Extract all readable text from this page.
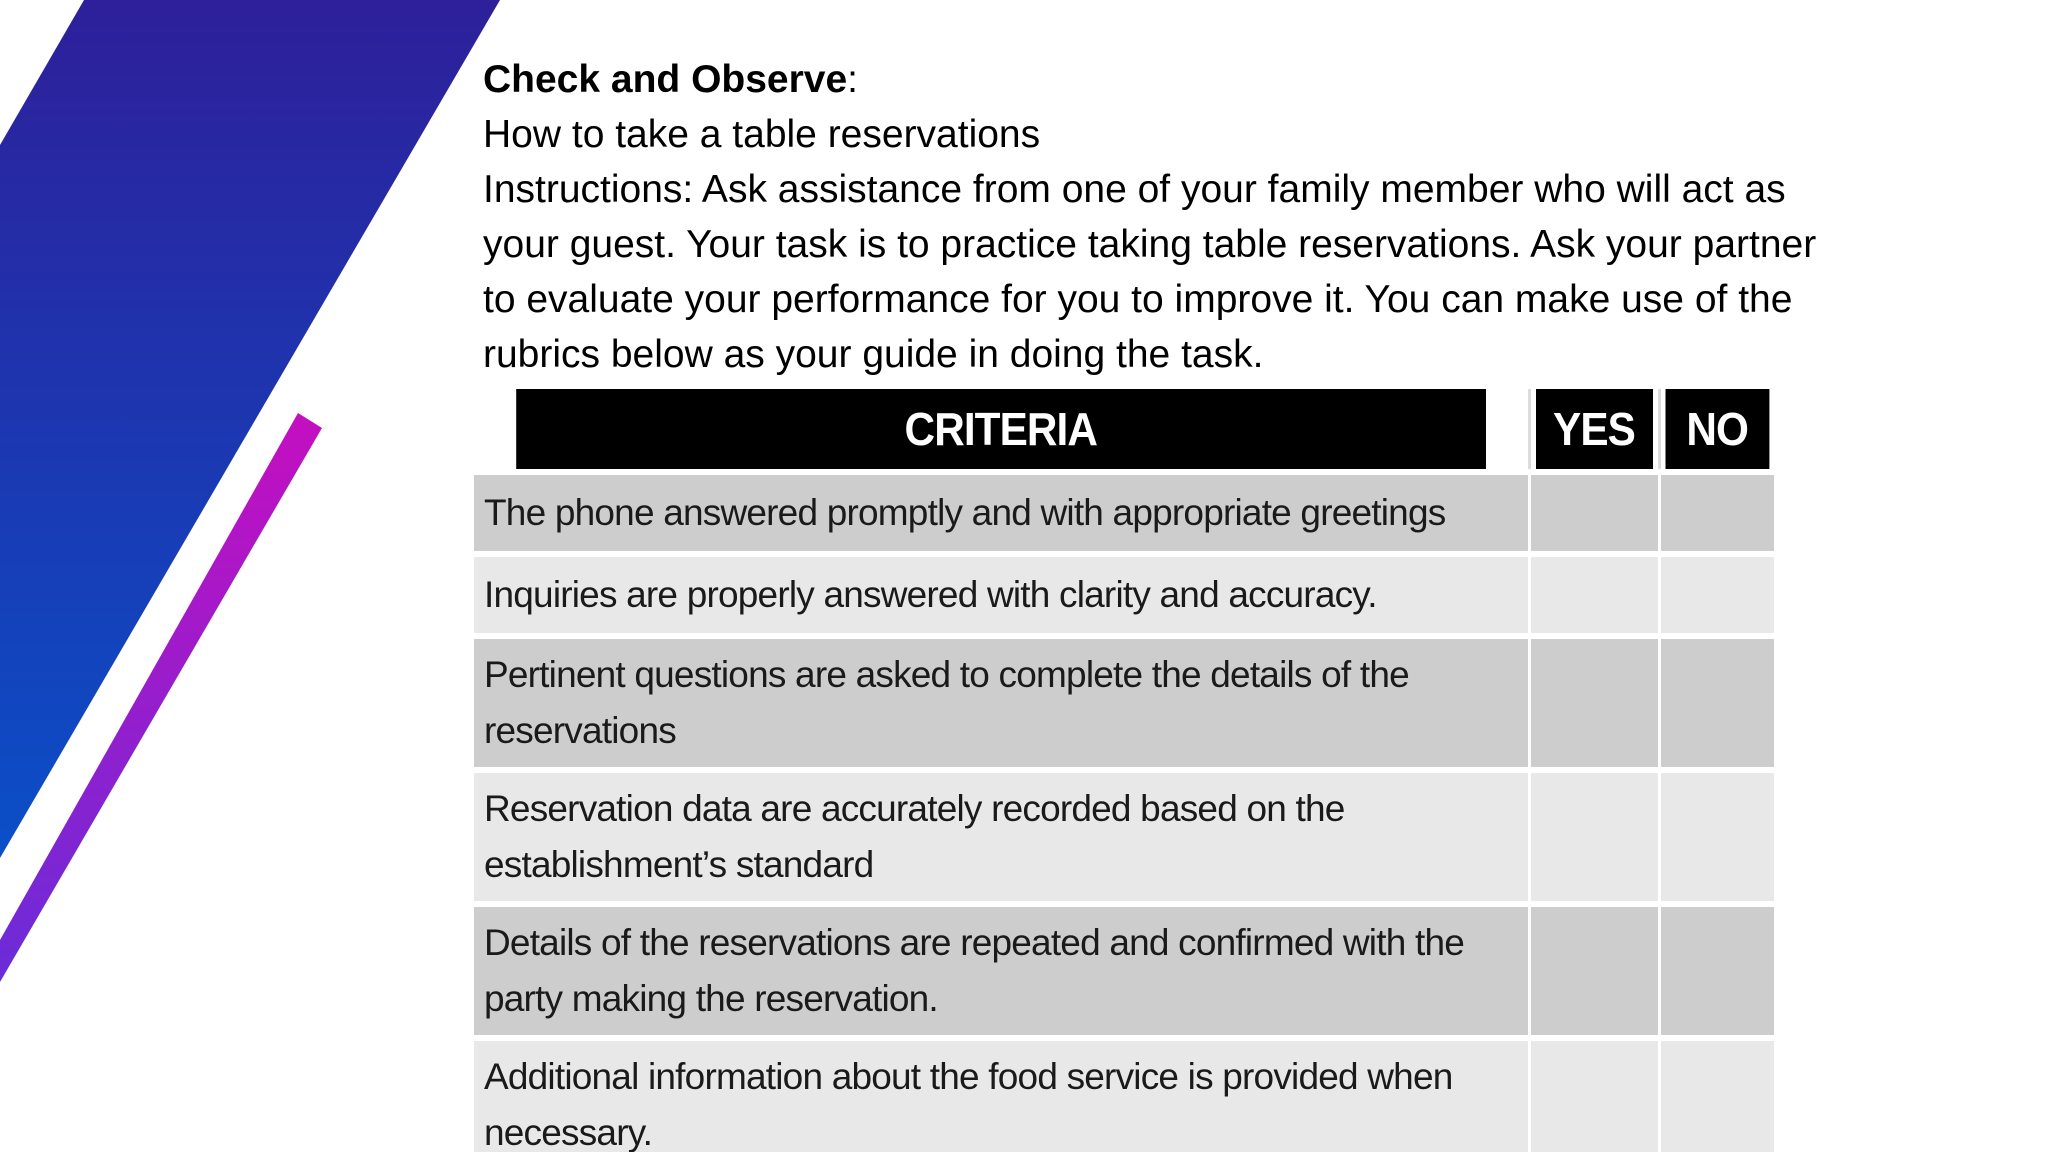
Check and Observe:
How to take a table reservations
Instructions: Ask assistance from one of your family member who will act as
your guest. Your task is to practice taking table reservations. Ask your partner
to evaluate your performance for you to improve it. You can make use of the
rubrics below as your guide in doing the task.
CRITERIA	YES	NO
The phone answered promptly and with appropriate greetings		
Inquiries are properly answered with clarity and accuracy.		
Pertinent questions are asked to complete the details of the reservations		
Reservation data are accurately recorded based on the establishment’s standard		
Details of the reservations are repeated and confirmed with the party making the reservation.		
Additional information about the food service is provided when necessary.		
